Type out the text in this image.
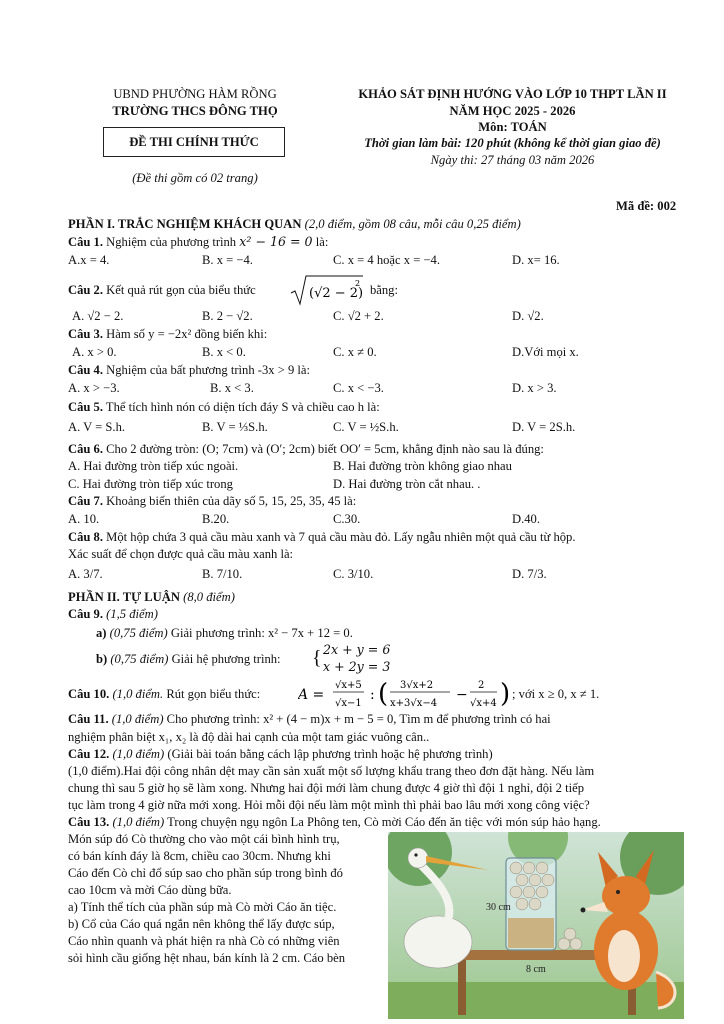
UBND PHƯỜNG HÀM RỒNG
TRƯỜNG THCS ĐÔNG THỌ
ĐỀ THI CHÍNH THỨC
(Đề thi gồm có 02 trang)
KHẢO SÁT ĐỊNH HƯỚNG VÀO LỚP 10 THPT LẦN II
NĂM HỌC 2025 - 2026
Môn: TOÁN
Thời gian làm bài: 120 phút (không kể thời gian giao đề)
Ngày thi: 27 tháng 03 năm 2026
Mã đề: 002
PHẦN I. TRẮC NGHIỆM KHÁCH QUAN (2,0 điểm, gồm 08 câu, mỗi câu 0,25 điểm)
Câu 1. Nghiệm của phương trình x² − 16 = 0 là:
A.x = 4.	B. x = −4.	C. x = 4 hoặc x = −4.	D. x= 16.
Câu 2. Kết quả rút gọn của biểu thức	(√2 − 2)
2 bằng:
A. √2 − 2.	B. 2 − √2.	C. √2 + 2.	D. √2.
Câu 3. Hàm số y = −2x² đồng biến khi:
A. x > 0.	B. x < 0.	C. x ≠ 0.	D.Với mọi x.
Câu 4. Nghiệm của bất phương trình -3x > 9 là:
A. x > −3.	B. x < 3.	C. x < −3.	D. x > 3.
Câu 5. Thể tích hình nón có diện tích đáy S và chiều cao h là:
A. V = S.h.	B. V = ⅓S.h.	C. V = ½S.h.	D. V = 2S.h.
Câu 6. Cho 2 đường tròn: (O; 7cm) và (O′; 2cm) biết OO′ = 5cm, khẳng định nào sau là đúng:
A. Hai đường tròn tiếp xúc ngoài.	B. Hai đường tròn không giao nhau
C. Hai đường tròn tiếp xúc trong	D. Hai đường tròn cắt nhau. .
Câu 7. Khoảng biến thiên của dãy số 5, 15, 25, 35, 45 là:
A. 10.	B.20.	C.30.	D.40.
Câu 8. Một hộp chứa 3 quả cầu màu xanh và 7 quả cầu màu đỏ. Lấy ngẫu nhiên một quả cầu từ hộp.
Xác suất để chọn được quả cầu màu xanh là:
A. 3/7.	B. 7/10.	C. 3/10.	D. 7/3.
PHẦN II. TỰ LUẬN (8,0 điểm)
Câu 9. (1,5 điểm)
a) (0,75 điểm) Giải phương trình: x² − 7x + 12 = 0.
b) (0,75 điểm) Giải hệ phương trình: { 2x + y = 6
x + 2y = 3
Câu 10. (1,0 điểm. Rút gọn biểu thức:	A =
√x+5
√x−1
: ( 3√x+2
x+3√x−4
−
2
√x+4 ) ; với x ≥ 0, x ≠ 1.
Câu 11. (1,0 điểm) Cho phương trình: x² + (4 − m)x + m − 5 = 0, Tìm m để phương trình có hai
nghiệm phân biệt x₁, x₂ là độ dài hai cạnh của một tam giác vuông cân..
Câu 12. (1,0 điểm) (Giải bài toán bằng cách lập phương trình hoặc hệ phương trình)
(1,0 điểm).Hai đội công nhân dệt may cần sản xuất một số lượng khẩu trang theo đơn đặt hàng. Nếu làm
chung thì sau 5 giờ họ sẽ làm xong. Nhưng hai đội mới làm chung được 4 giờ thì đội 1 nghỉ, đội 2 tiếp
tục làm trong 4 giờ nữa mới xong. Hỏi mỗi đội nếu làm một mình thì phải bao lâu mới xong công việc?
Câu 13. (1,0 điểm) Trong chuyện ngụ ngôn La Phông ten, Cò mời Cáo đến ăn tiệc với món súp hảo hạng.
Món súp đó Cò thường cho vào một cái bình hình trụ,
có bán kính đáy là 8cm, chiều cao 30cm. Nhưng khi
Cáo đến Cò chỉ đổ súp sao cho phần súp trong bình đó
cao 10cm và mời Cáo dùng bữa.
a) Tính thể tích của phần súp mà Cò mời Cáo ăn tiệc.
b) Cổ của Cáo quá ngắn nên không thể lấy được súp,
Cáo nhìn quanh và phát hiện ra nhà Cò có những viên
sỏi hình cầu giống hệt nhau, bán kính là 2 cm. Cáo bèn
30 cm
8 cm
